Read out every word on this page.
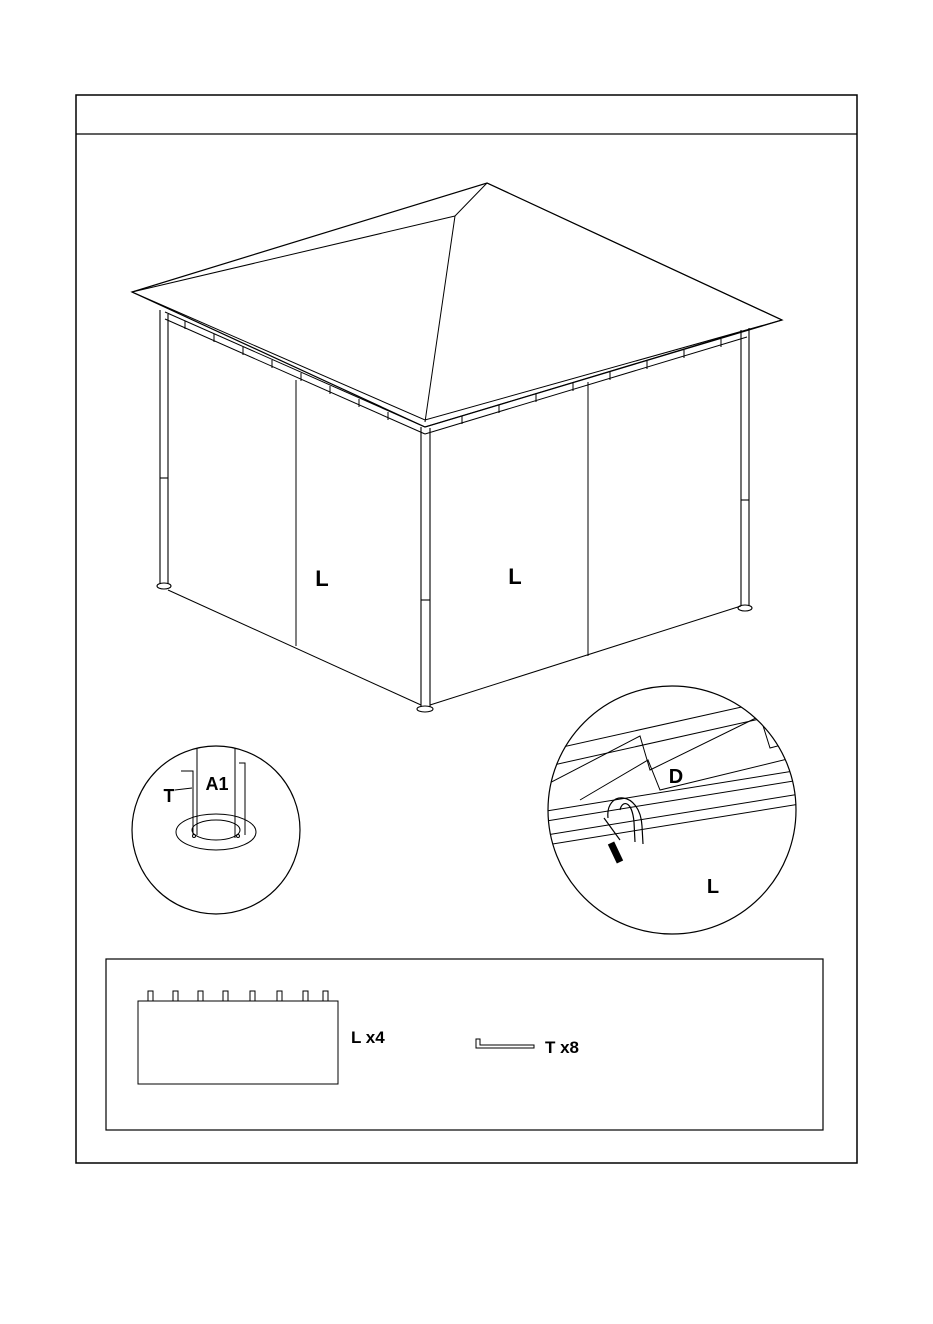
L	L
T
A1	D
L
L x4
T x8
